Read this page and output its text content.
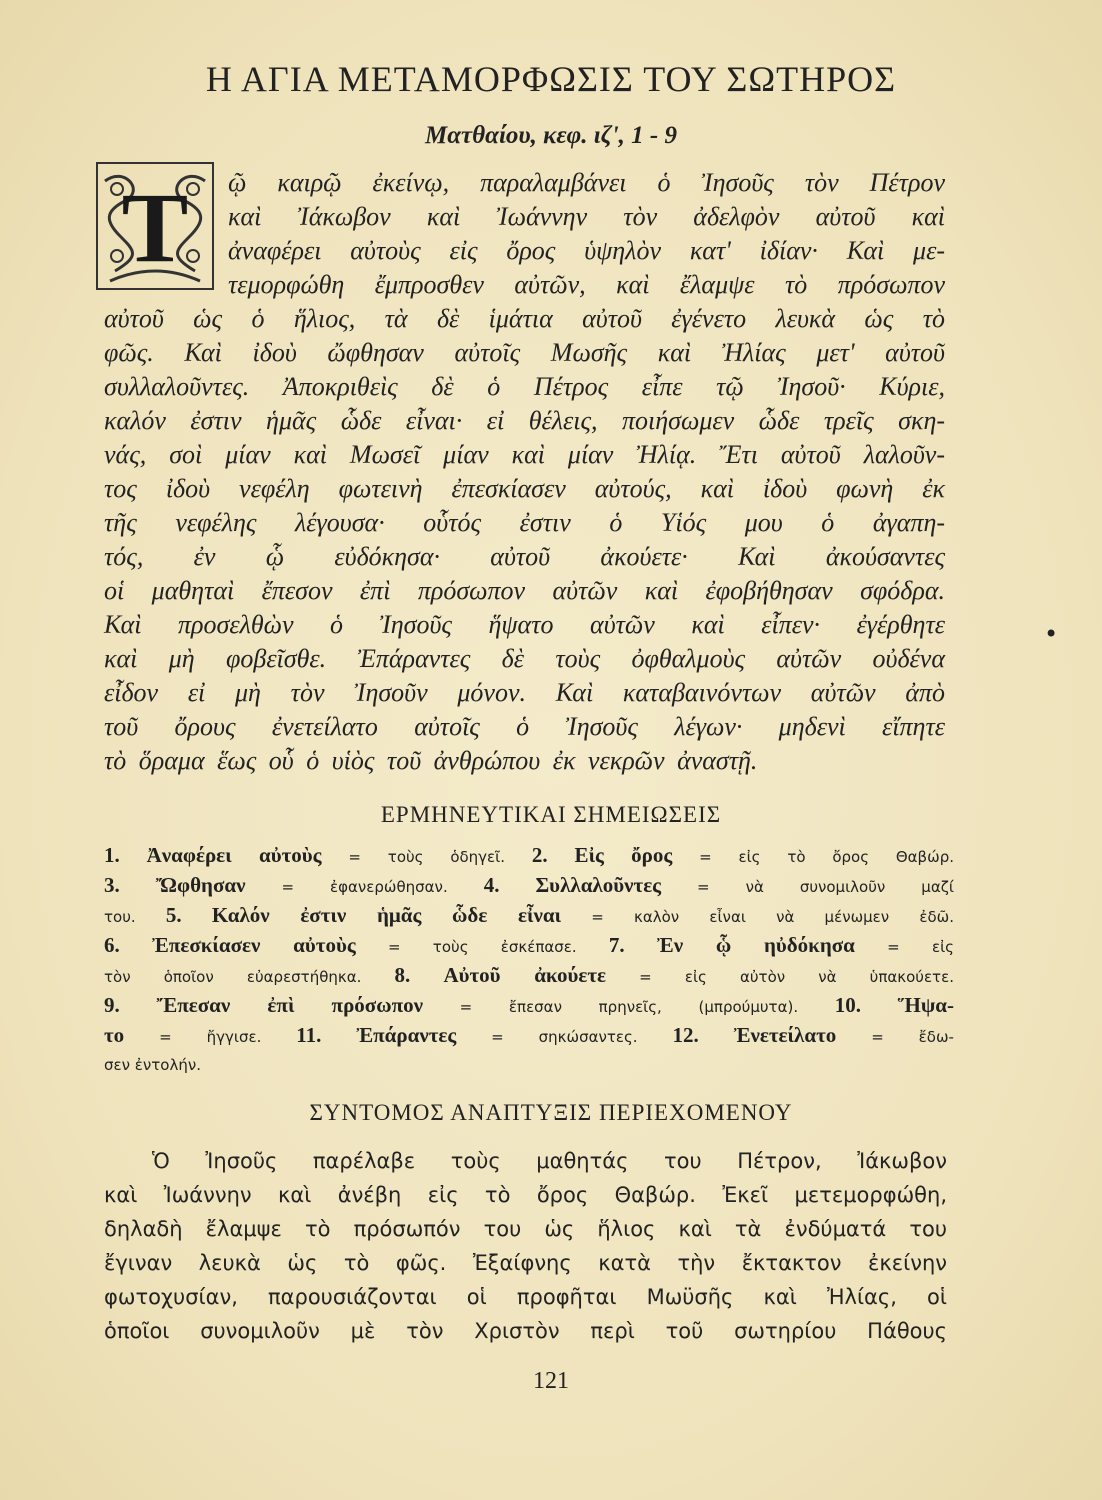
Η ΑΓΙΑ ΜΕΤΑΜΟΡΦΩΣΙΣ ΤΟΥ ΣΩΤΗΡΟΣ
Ματθαίου, κεφ. ιζ', 1 - 9
Τ ῷ καιρῷ ἐκείνῳ, παραλαμβάνει ὁ Ἰησοῦς τὸν Πέτρον
καὶ Ἰάκωβον καὶ Ἰωάννην τὸν ἀδελφὸν αὐτοῦ καὶ
ἀναφέρει αὐτοὺς εἰς ὄρος ὑψηλὸν κατ' ἰδίαν· Καὶ με-
τεμορφώθη ἔμπροσθεν αὐτῶν, καὶ ἔλαμψε τὸ πρόσωπον
αὐτοῦ ὡς ὁ ἥλιος, τὰ δὲ ἱμάτια αὐτοῦ ἐγένετο λευκὰ ὡς τὸ
φῶς. Καὶ ἰδοὺ ὤφθησαν αὐτοῖς Μωσῆς καὶ Ἠλίας μετ' αὐτοῦ
συλλαλοῦντες. Ἀποκριθεὶς δὲ ὁ Πέτρος εἶπε τῷ Ἰησοῦ· Κύριε,
καλόν ἐστιν ἡμᾶς ὧδε εἶναι· εἰ θέλεις, ποιήσωμεν ὧδε τρεῖς σκη-
νάς, σοὶ μίαν καὶ Μωσεῖ μίαν καὶ μίαν Ἠλίᾳ. Ἔτι αὐτοῦ λαλοῦν-
τος ἰδοὺ νεφέλη φωτεινὴ ἐπεσκίασεν αὐτούς, καὶ ἰδοὺ φωνὴ ἐκ
τῆς νεφέλης λέγουσα· οὗτός ἐστιν ὁ Υἱός μου ὁ ἀγαπη-
τός, ἐν ᾧ εὐδόκησα· αὐτοῦ ἀκούετε· Καὶ ἀκούσαντες
οἱ μαθηταὶ ἔπεσον ἐπὶ πρόσωπον αὐτῶν καὶ ἐφοβήθησαν σφόδρα.
Καὶ προσελθὼν ὁ Ἰησοῦς ἥψατο αὐτῶν καὶ εἶπεν· ἐγέρθητε
καὶ μὴ φοβεῖσθε. Ἐπάραντες δὲ τοὺς ὀφθαλμοὺς αὐτῶν οὐδένα
εἶδον εἰ μὴ τὸν Ἰησοῦν μόνον. Καὶ καταβαινόντων αὐτῶν ἀπὸ
τοῦ ὄρους ἐνετείλατο αὐτοῖς ὁ Ἰησοῦς λέγων· μηδενὶ εἴπητε
τὸ ὅραμα ἕως οὗ ὁ υἱὸς τοῦ ἀνθρώπου ἐκ νεκρῶν ἀναστῇ.
•
ΕΡΜΗΝΕΥΤΙΚΑΙ ΣΗΜΕΙΩΣΕΙΣ
1. Ἀναφέρει αὐτοὺς = τοὺς ὁδηγεῖ. 2. Εἰς ὄρος = εἰς τὸ ὄρος Θαβώρ.
3. Ὤφθησαν = ἐφανερώθησαν. 4. Συλλαλοῦντες = νὰ συνομιλοῦν μαζί
του. 5. Καλόν ἐστιν ἡμᾶς ὧδε εἶναι = καλὸν εἶναι νὰ μένωμεν ἐδῶ.
6. Ἐπεσκίασεν αὐτοὺς = τοὺς ἐσκέπασε. 7. Ἐν ᾧ ηὐδόκησα = εἰς
τὸν ὁποῖον εὐαρεστήθηκα. 8. Αὐτοῦ ἀκούετε = εἰς αὐτὸν νὰ ὑπακούετε.
9. Ἔπεσαν ἐπὶ πρόσωπον = ἔπεσαν πρηνεῖς, (μπρούμυτα). 10. Ἥψα-
το = ἤγγισε. 11. Ἐπάραντες = σηκώσαντες. 12. Ἐνετείλατο = ἔδω-
σεν ἐντολήν.
ΣΥΝΤΟΜΟΣ ΑΝΑΠΤΥΞΙΣ ΠΕΡΙΕΧΟΜΕΝΟΥ
Ὁ Ἰησοῦς παρέλαβε τοὺς μαθητάς του Πέτρον, Ἰάκωβον
καὶ Ἰωάννην καὶ ἀνέβη εἰς τὸ ὄρος Θαβώρ. Ἐκεῖ μετεμορφώθη,
δηλαδὴ ἔλαμψε τὸ πρόσωπόν του ὡς ἥλιος καὶ τὰ ἐνδύματά του
ἔγιναν λευκὰ ὡς τὸ φῶς. Ἐξαίφνης κατὰ τὴν ἔκτακτον ἐκείνην
φωτοχυσίαν, παρουσιάζονται οἱ προφῆται Μωϋσῆς καὶ Ἠλίας, οἱ
ὁποῖοι συνομιλοῦν μὲ τὸν Χριστὸν περὶ τοῦ σωτηρίου Πάθους
121
